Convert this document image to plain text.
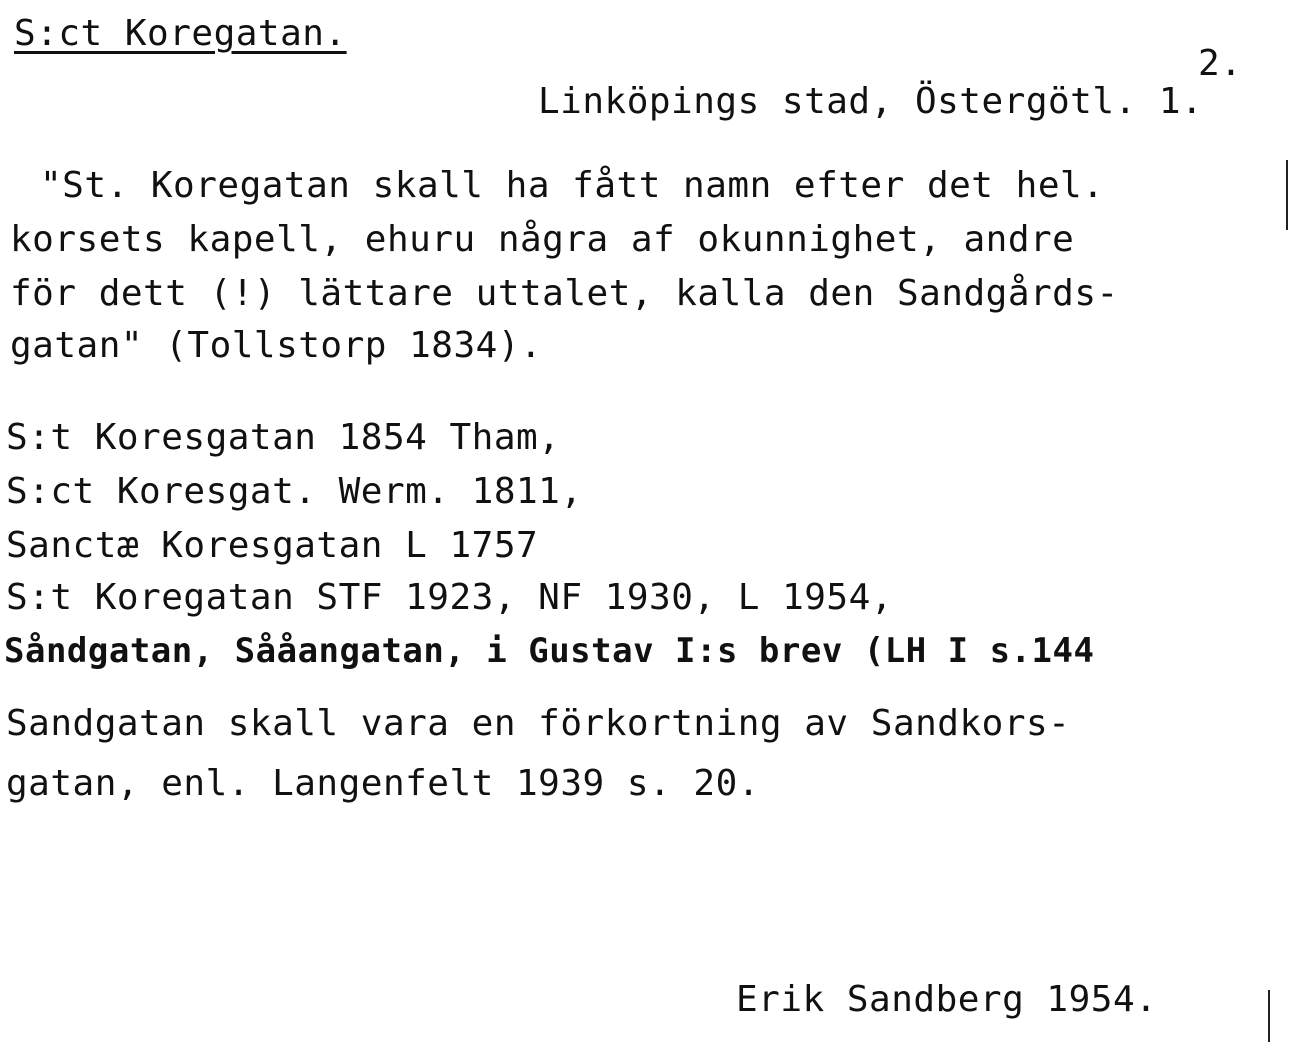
S:ct Koregatan.
2.
Linköpings stad, Östergötl. 1.
"St. Koregatan skall ha fått namn efter det hel.
korsets kapell, ehuru några af okunnighet, andre
för dett (!) lättare uttalet, kalla den Sandgårds-
gatan" (Tollstorp 1834).
S:t Koresgatan 1854 Tham,
S:ct Koresgat. Werm. 1811,
Sanctæ Koresgatan L 1757
S:t Koregatan STF 1923, NF 1930, L 1954,
Såndgatan, Sååangatan, i Gustav I:s brev (LH I s.144
Sandgatan skall vara en förkortning av Sandkors-
gatan, enl. Langenfelt 1939 s. 20.
Erik Sandberg 1954.
